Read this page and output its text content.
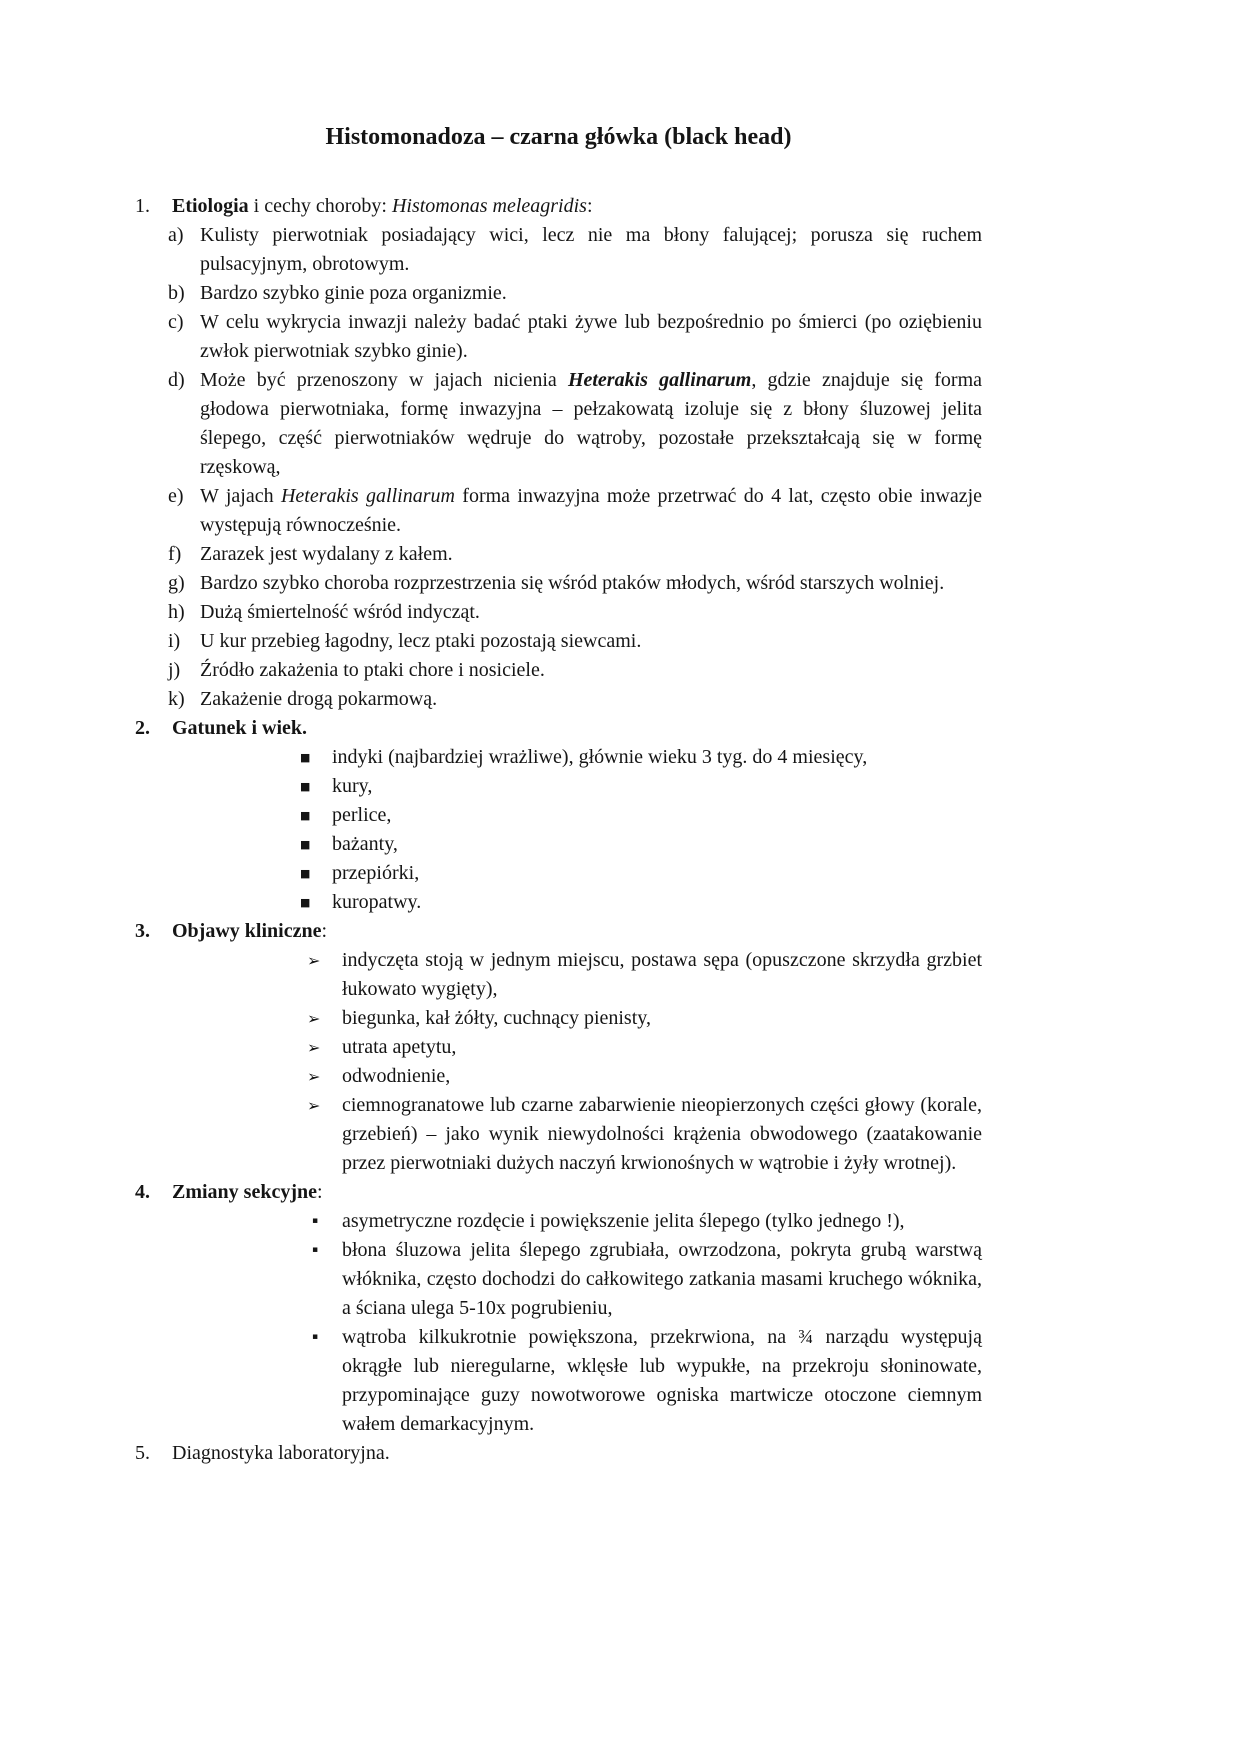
Histomonadoza – czarna główka (black head)
1. Etiologia i cechy choroby: Histomonas meleagridis:
a) Kulisty pierwotniak posiadający wici, lecz nie ma błony falującej; porusza się ruchem pulsacyjnym, obrotowym.
b) Bardzo szybko ginie poza organizmie.
c) W celu wykrycia inwazji należy badać ptaki żywe lub bezpośrednio po śmierci (po oziębieniu zwłok pierwotniak szybko ginie).
d) Może być przenoszony w jajach nicienia Heterakis gallinarum, gdzie znajduje się forma głodowa pierwotniaka, formę inwazyjna – pełzakowatą izoluje się z błony śluzowej jelita ślepego, część pierwotniaków wędruje do wątroby, pozostałe przekształcają się w formę rzęskową,
e) W jajach Heterakis gallinarum forma inwazyjna może przetrwać do 4 lat, często obie inwazje występują równocześnie.
f) Zarazek jest wydalany z kałem.
g) Bardzo szybko choroba rozprzestrzenia się wśród ptaków młodych, wśród starszych wolniej.
h) Dużą śmiertelność wśród indycząt.
i) U kur przebieg łagodny, lecz ptaki pozostają siewcami.
j) Źródło zakażenia to ptaki chore i nosiciele.
k) Zakażenie drogą pokarmową.
2. Gatunek i wiek.
■	indyki (najbardziej wrażliwe), głównie wieku 3 tyg. do 4 miesięcy,
■	kury,
■	perlice,
■	bażanty,
■	przepiórki,
■	kuropatwy.
3. Objawy kliniczne:
➢	indyczęta stoją w jednym miejscu, postawa sępa (opuszczone skrzydła grzbiet łukowato wygięty),
➢	biegunka, kał żółty, cuchnący pienisty,
➢	utrata apetytu,
➢	odwodnienie,
➢	ciemnogranatowe lub czarne zabarwienie nieopierzonych części głowy (korale, grzebień) – jako wynik niewydolności krążenia obwodowego (zaatakowanie przez pierwotniaki dużych naczyń krwionośnych w wątrobie i żyły wrotnej).
4. Zmiany sekcyjne:
▪	asymetryczne rozdęcie i powiększenie jelita ślepego (tylko jednego !),
▪	błona śluzowa jelita ślepego zgrubiała, owrzodzona, pokryta grubą warstwą włóknika, często dochodzi do całkowitego zatkania masami kruchego wóknika, a ściana ulega 5-10x pogrubieniu,
▪	wątroba kilkukrotnie powiększona, przekrwiona, na ¾ narządu występują okrągłe lub nieregularne, wklęsłe lub wypukłe, na przekroju słoninowate, przypominające guzy nowotworowe ogniska martwicze otoczone ciemnym wałem demarkacyjnym.
5. Diagnostyka laboratoryjna.
